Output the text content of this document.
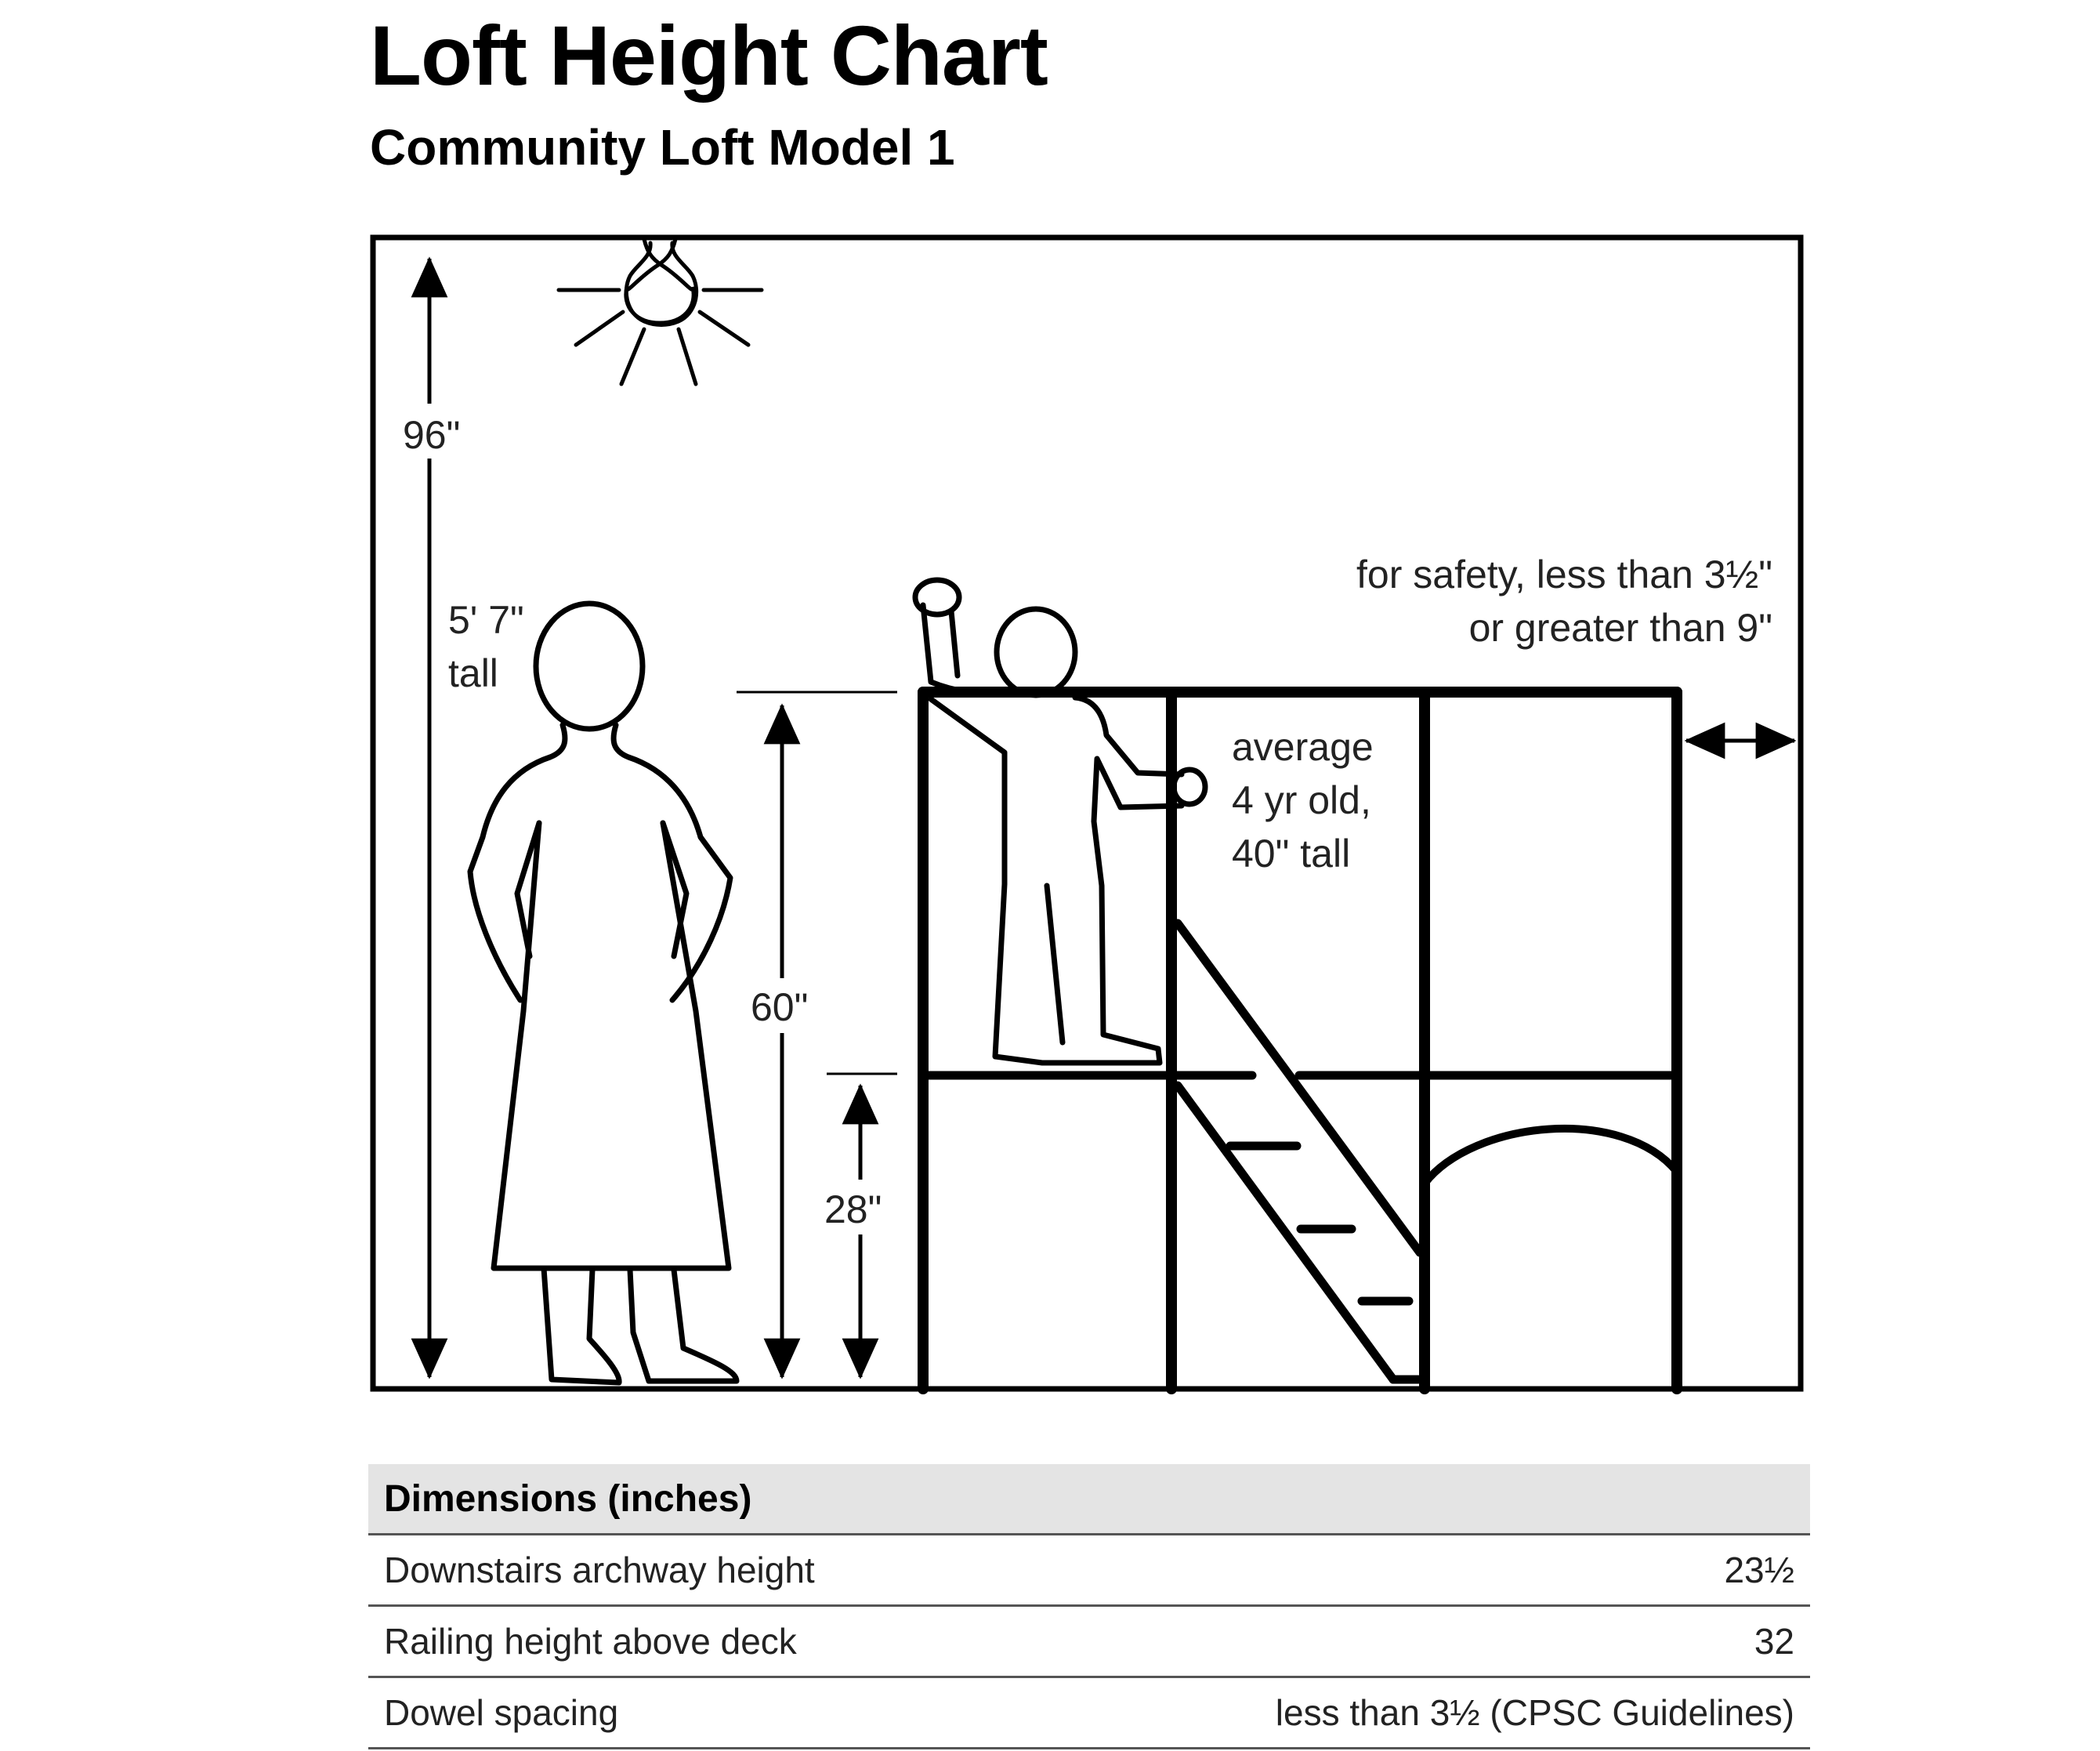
Loft Height Chart
Community Loft Model 1
96"
5' 7"
tall
60"
28"
average
4 yr old,
40" tall
for safety, less than 3½"
or greater than 9"
Dimensions (inches)	
Downstairs archway height	23½
Railing height above deck	32
Dowel spacing	less than 3½ (CPSC Guidelines)
